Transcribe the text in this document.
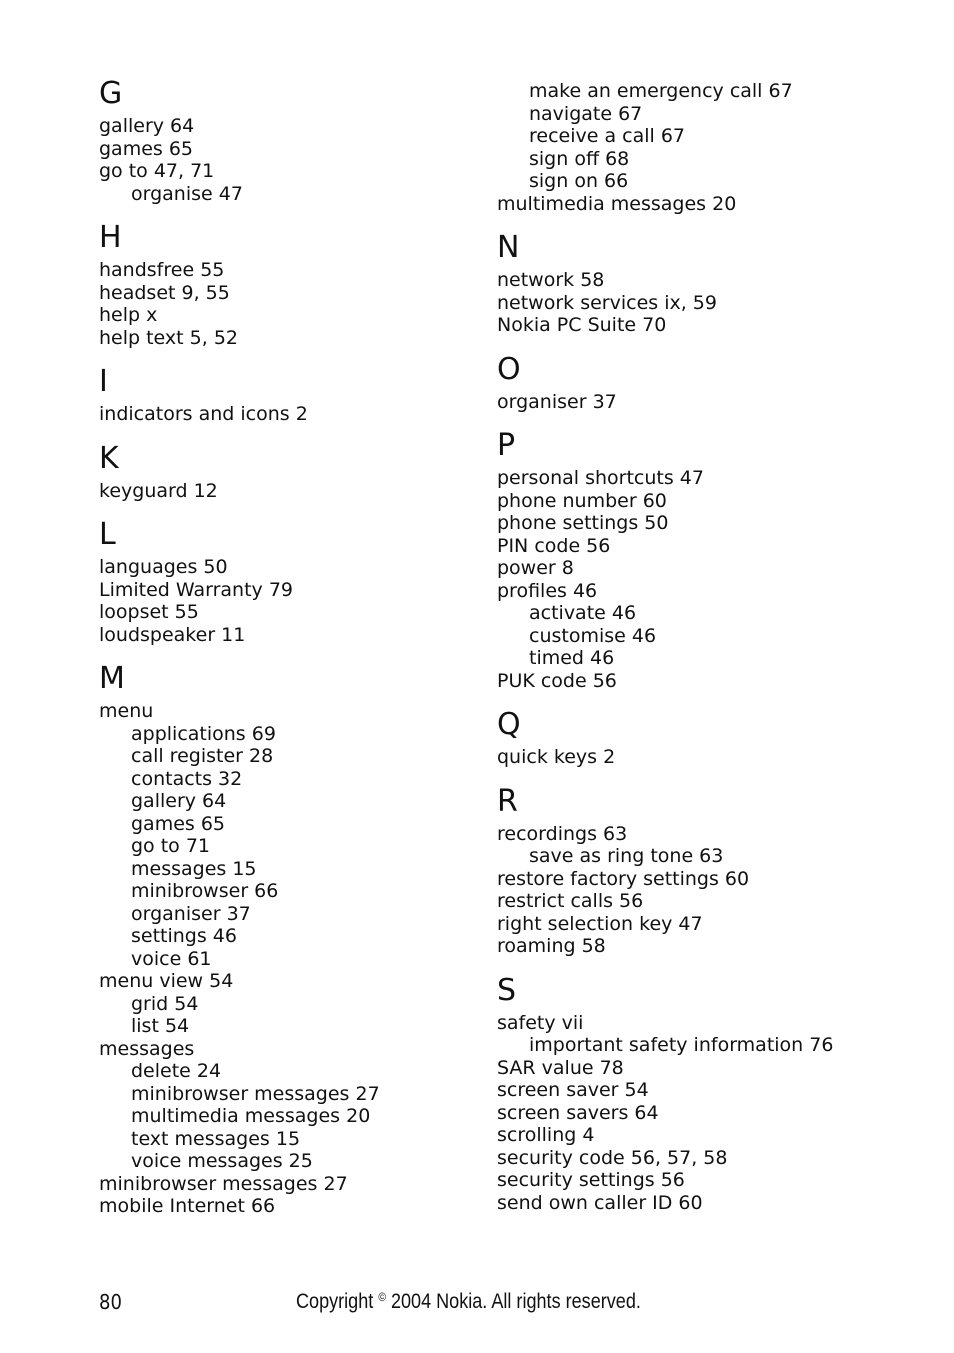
G
gallery 64
games 65
go to 47, 71
organise 47
H
handsfree 55
headset 9, 55
help x
help text 5, 52
I
indicators and icons 2
K
keyguard 12
L
languages 50
Limited Warranty 79
loopset 55
loudspeaker 11
M
menu
applications 69
call register 28
contacts 32
gallery 64
games 65
go to 71
messages 15
minibrowser 66
organiser 37
settings 46
voice 61
menu view 54
grid 54
list 54
messages
delete 24
minibrowser messages 27
multimedia messages 20
text messages 15
voice messages 25
minibrowser messages 27
mobile Internet 66
make an emergency call 67
navigate 67
receive a call 67
sign off 68
sign on 66
multimedia messages 20
N
network 58
network services ix, 59
Nokia PC Suite 70
O
organiser 37
P
personal shortcuts 47
phone number 60
phone settings 50
PIN code 56
power 8
profiles 46
activate 46
customise 46
timed 46
PUK code 56
Q
quick keys 2
R
recordings 63
save as ring tone 63
restore factory settings 60
restrict calls 56
right selection key 47
roaming 58
S
safety vii
important safety information 76
SAR value 78
screen saver 54
screen savers 64
scrolling 4
security code 56, 57, 58
security settings 56
send own caller ID 60
80	Copyright © 2004 Nokia. All rights reserved.
